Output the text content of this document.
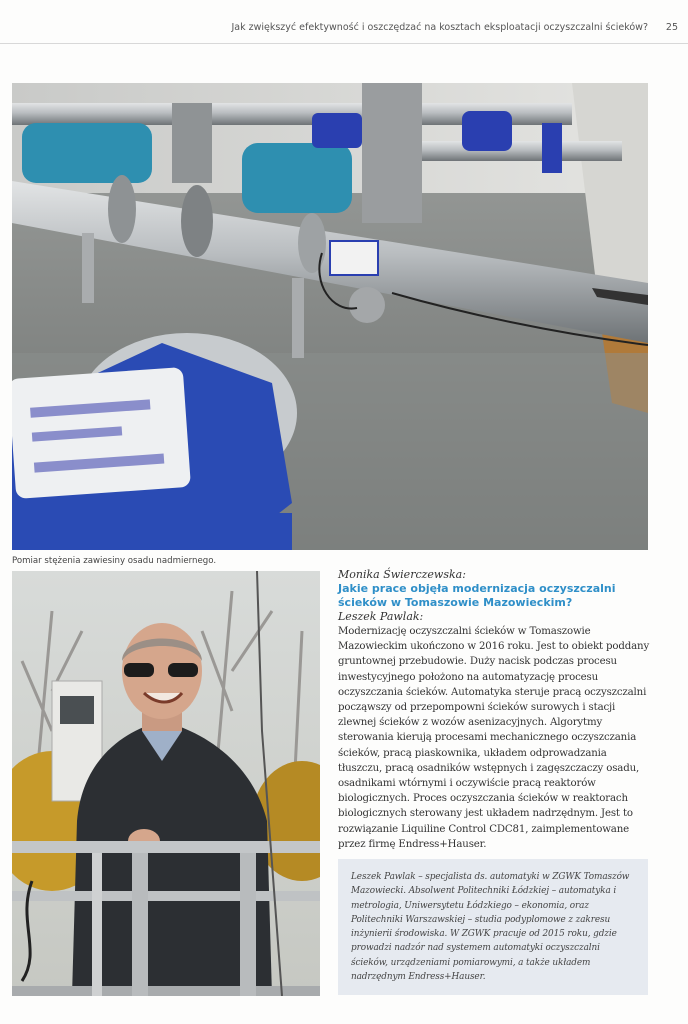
Jak zwiększyć efektywność i oszczędzać na kosztach eksploatacji oczyszczalni ścieków? 25
Pomiar stężenia zawiesiny osadu nadmiernego.

Monika Świerczewska:

Jakie prace objęła modernizacja oczyszczalni ścieków w Tomaszowie Mazowieckim?

Leszek Pawlak:

Modernizację oczyszczalni ścieków w Tomaszowie Mazowieckim ukończono w 2016 roku. Jest to obiekt poddany gruntownej przebudowie. Duży nacisk podczas procesu inwestycyjnego położono na automatyzację procesu oczyszczania ścieków. Automatyka steruje pracą oczyszczalni począwszy od przepompowni ścieków surowych i stacji zlewnej ścieków z wozów asenizacyjnych. Algorytmy sterowania kierują procesami mechanicznego oczyszczania ścieków, pracą piaskownika, układem odprowadzania tłuszczu, pracą osadników wstępnych i zagęszczaczy osadu, osadnikami wtórnymi i oczywiście pracą reaktorów biologicznych. Proces oczyszczania ścieków w reaktorach biologicznych sterowany jest układem nadrzędnym. Jest to rozwiązanie Liquiline Control CDC81, zaimplementowane przez firmę Endress+Hauser.

Leszek Pawlak – specjalista ds. automatyki w ZGWK Tomaszów Mazowiecki. Absolwent Politechniki Łódzkiej – automatyka i metrologia, Uniwersytetu Łódzkiego – ekonomia, oraz Politechniki Warszawskiej – studia podyplomowe z zakresu inżynierii środowiska. W ZGWK pracuje od 2015 roku, gdzie prowadzi nadzór nad systemem automatyki oczyszczalni ścieków, urządzeniami pomiarowymi, a także układem nadrzędnym Endress+Hauser.
